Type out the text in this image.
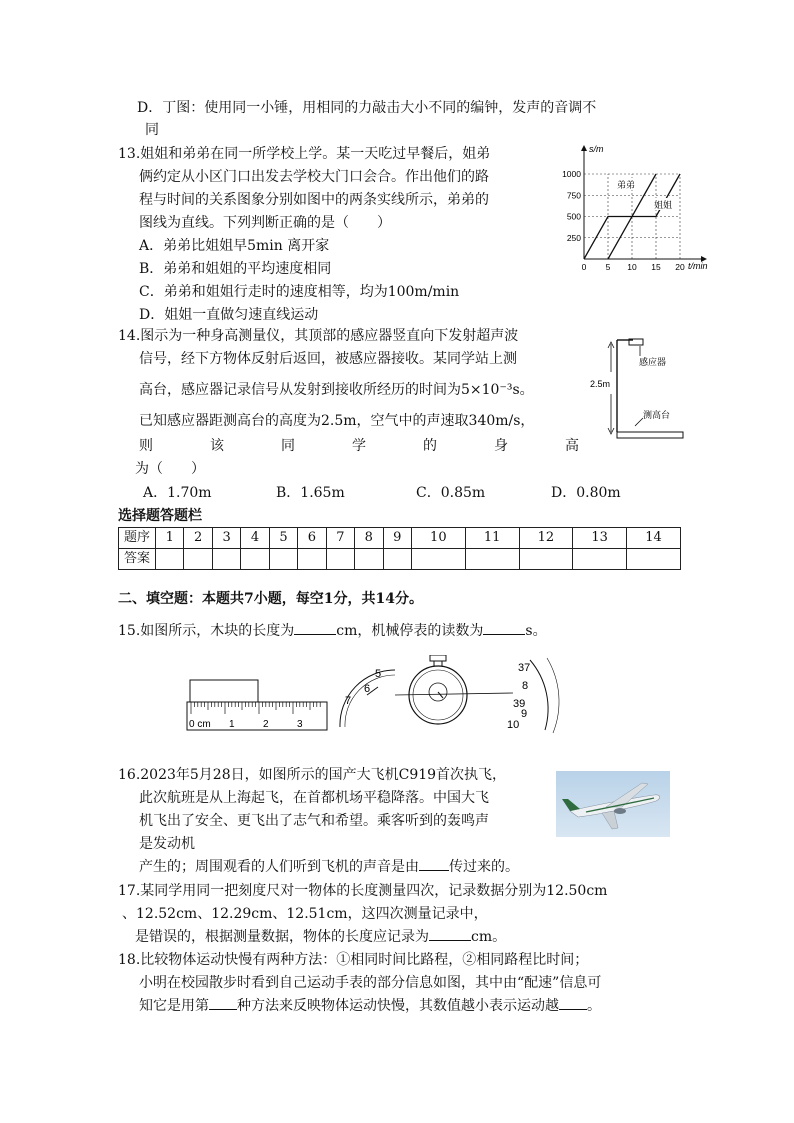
D．丁图：使用同一小锤，用相同的力敲击大小不同的编钟，发声的音调不
同
13.姐姐和弟弟在同一所学校上学。某一天吃过早餐后，姐弟
俩约定从小区门口出发去学校大门口会合。作出他们的路
程与时间的关系图象分别如图中的两条实线所示，弟弟的
图线为直线。下列判断正确的是（　　）
A．弟弟比姐姐早5min 离开家
B．弟弟和姐姐的平均速度相同
C．弟弟和姐姐行走时的速度相等，均为100m/min
D．姐姐一直做匀速直线运动
250
500
750
1000
0 5 10 15 20
s/m
t/min
弟弟
姐姐
14.图示为一种身高测量仪，其顶部的感应器竖直向下发射超声波
信号，经下方物体反射后返回，被感应器接收。某同学站上测
高台，感应器记录信号从发射到接收所经历的时间为5×10⁻³s。
已知感应器距测高台的高度为2.5m，空气中的声速取340m/s，
则	该	同	学	的	身	高
为（　　）
A．1.70m	B．1.65m	C．0.85m	D．0.80m
感应器
测高台
2.5m
选择题答题栏
题序	1	2	3	4	5	6	7	8	9	10	11	12	13	14
答案														
二、填空题：本题共7小题，每空1分，共14分。
15.如图所示，木块的长度为	cm，机械停表的读数为	s。
0 cm 1	2	3
5
6
7
37
8
39
9
10
16.2023年5月28日，如图所示的国产大飞机C919首次执飞，
此次航班是从上海起飞，在首都机场平稳降落。中国大飞
机飞出了安全、更飞出了志气和希望。乘客听到的轰鸣声
是发动机
产生的；周围观看的人们听到飞机的声音是由 传过来的。
17.某同学用同一把刻度尺对一物体的长度测量四次，记录数据分别为12.50cm
、12.52cm、12.29cm、12.51cm，这四次测量记录中，
是错误的，根据测量数据，物体的长度应记录为	cm。
18.比较物体运动快慢有两种方法：①相同时间比路程，②相同路程比时间；
小明在校园散步时看到自己运动手表的部分信息如图，其中由“配速”信息可
知它是用第 种方法来反映物体运动快慢，其数值越小表示运动越 。
